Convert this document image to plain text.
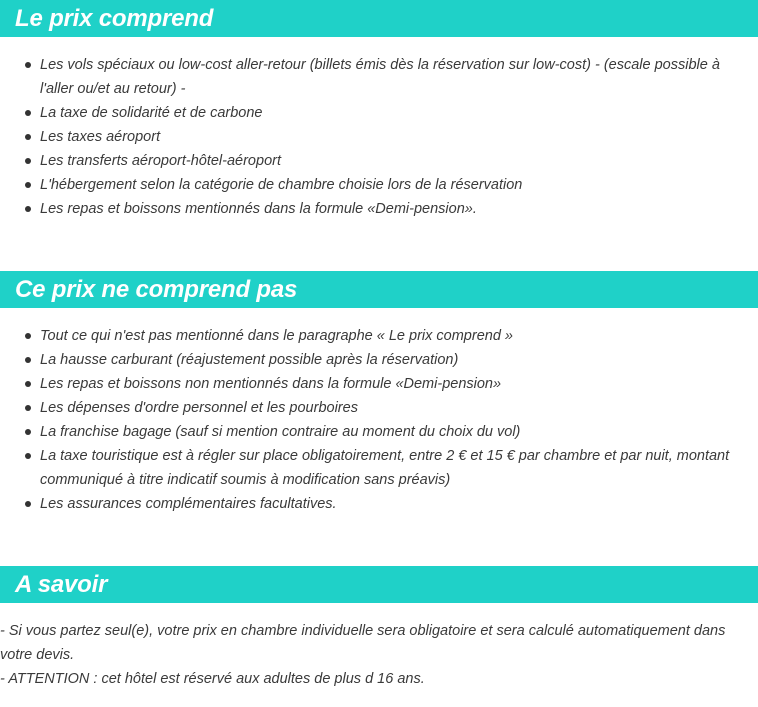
Le prix comprend
Les vols spéciaux ou low-cost aller-retour (billets émis dès la réservation sur low-cost) - (escale possible à l'aller ou/et au retour) -
La taxe de solidarité et de carbone
Les taxes aéroport
Les transferts aéroport-hôtel-aéroport
L'hébergement selon la catégorie de chambre choisie lors de la réservation
Les repas et boissons mentionnés dans la formule «Demi-pension».
Ce prix ne comprend pas
Tout ce qui n'est pas mentionné dans le paragraphe « Le prix comprend »
La hausse carburant (réajustement possible après la réservation)
Les repas et boissons non mentionnés dans la formule «Demi-pension»
Les dépenses d'ordre personnel et les pourboires
La franchise bagage (sauf si mention contraire au moment du choix du vol)
La taxe touristique est à régler sur place obligatoirement, entre 2 € et 15 € par chambre et par nuit, montant communiqué à titre indicatif soumis à modification sans préavis)
Les assurances complémentaires facultatives.
A savoir

- Si vous partez seul(e), votre prix en chambre individuelle sera obligatoire et sera calculé automatiquement dans votre devis.

- ATTENTION : cet hôtel est réservé aux adultes de plus d 16 ans.
